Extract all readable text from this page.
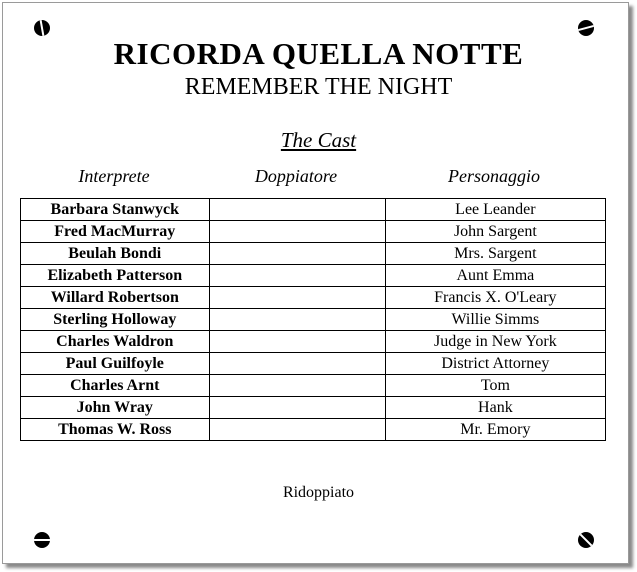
RICORDA QUELLA NOTTE
REMEMBER THE NIGHT
The Cast
Interprete	Doppiatore	Personaggio
Barbara Stanwyck		Lee Leander
Fred MacMurray		John Sargent
Beulah Bondi		Mrs. Sargent
Elizabeth Patterson		Aunt Emma
Willard Robertson		Francis X. O'Leary
Sterling Holloway		Willie Simms
Charles Waldron		Judge in New York
Paul Guilfoyle		District Attorney
Charles Arnt		Tom
John Wray		Hank
Thomas W. Ross		Mr. Emory
Ridoppiato
